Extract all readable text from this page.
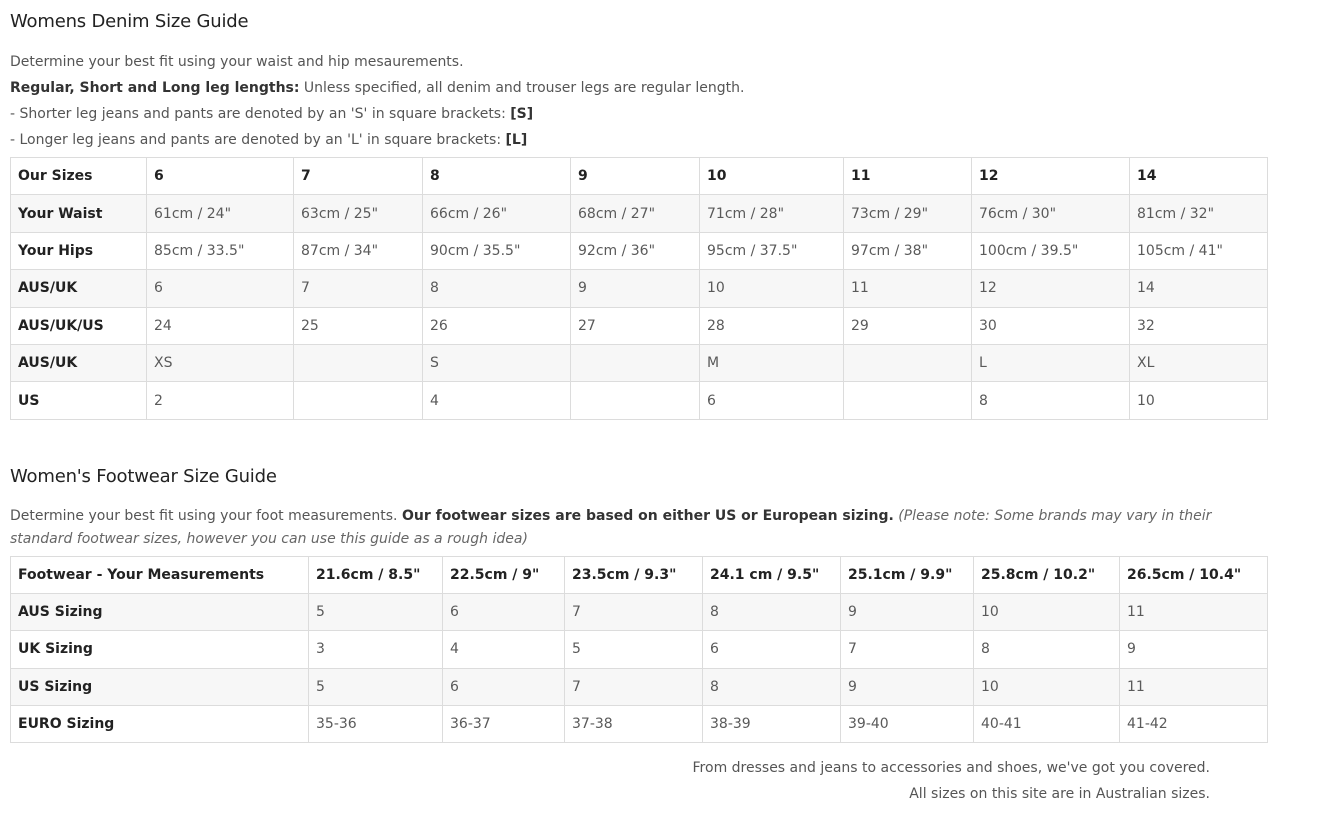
Womens Denim Size Guide
Determine your best fit using your waist and hip mesaurements.
Regular, Short and Long leg lengths: Unless specified, all denim and trouser legs are regular length.
- Shorter leg jeans and pants are denoted by an 'S' in square brackets: [S]
- Longer leg jeans and pants are denoted by an 'L' in square brackets: [L]
Our Sizes	6	7	8	9	10	11	12	14
Your Waist	61cm / 24"	63cm / 25"	66cm / 26"	68cm / 27"	71cm / 28"	73cm / 29"	76cm / 30"	81cm / 32"
Your Hips	85cm / 33.5"	87cm / 34"	90cm / 35.5"	92cm / 36"	95cm / 37.5"	97cm / 38"	100cm / 39.5"	105cm / 41"
AUS/UK	6	7	8	9	10	11	12	14
AUS/UK/US	24	25	26	27	28	29	30	32
AUS/UK	XS		S		M		L	XL
US	2		4		6		8	10
Women's Footwear Size Guide
Determine your best fit using your foot measurements. Our footwear sizes are based on either US or European sizing. (Please note: Some brands may vary in their standard footwear sizes, however you can use this guide as a rough idea)
Footwear - Your Measurements	21.6cm / 8.5"	22.5cm / 9"	23.5cm / 9.3"	24.1 cm / 9.5"	25.1cm / 9.9"	25.8cm / 10.2"	26.5cm / 10.4"
AUS Sizing	5	6	7	8	9	10	11
UK Sizing	3	4	5	6	7	8	9
US Sizing	5	6	7	8	9	10	11
EURO Sizing	35-36	36-37	37-38	38-39	39-40	40-41	41-42
From dresses and jeans to accessories and shoes, we've got you covered.
All sizes on this site are in Australian sizes.
